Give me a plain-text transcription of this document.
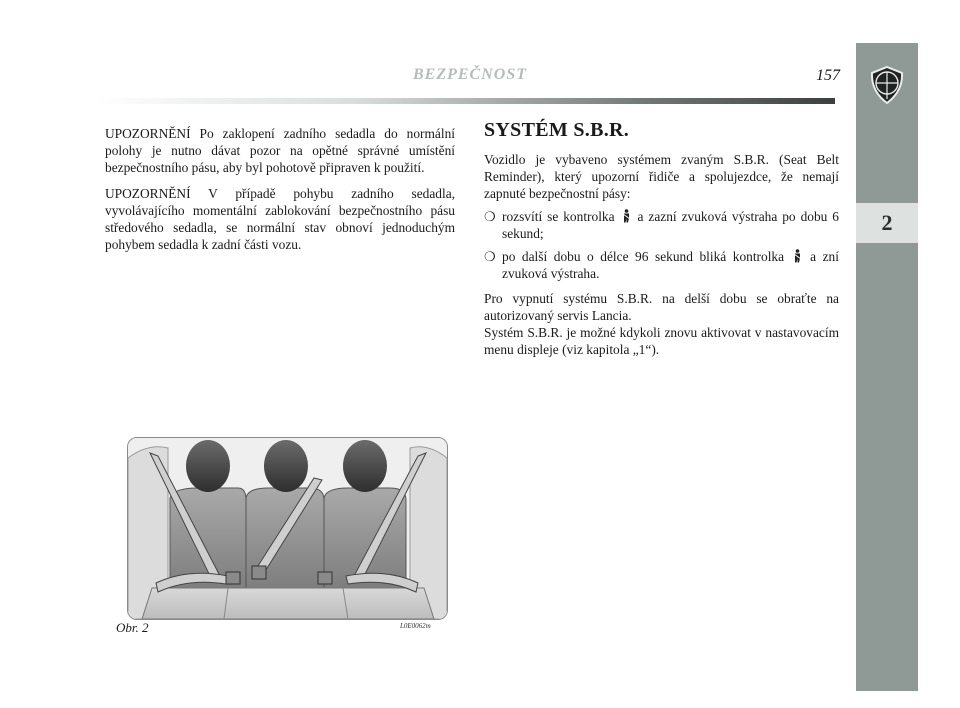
2
BEZPEČNOST	157

UPOZORNĚNÍ Po zaklopení zadního sedadla do normální polohy je nutno dávat pozor na opětné správné umístění bezpečnostního pásu, aby byl pohotově připraven k použití.

UPOZORNĚNÍ V případě pohybu zadního sedadla, vyvolávajícího momentální zablokování bezpečnostního pásu středového sedadla, se normální stav obnoví jednoduchým pohybem sedadla k zadní části vozu.

Obr. 2	L0E0062m
SYSTÉM S.B.R.

Vozidlo je vybaveno systémem zvaným S.B.R. (Seat Belt Reminder), který upozorní řidiče a spolujezdce, že nemají zapnuté bezpečnostní pásy:

❍ rozsvítí se kontrolka a zazní zvuková výstraha po dobu 6 sekund;
❍ po další dobu o délce 96 sekund bliká kontrolka a zní zvuková výstraha.

Pro vypnutí systému S.B.R. na delší dobu se obraťte na autorizovaný servis Lancia.

Systém S.B.R. je možné kdykoli znovu aktivovat v nastavovacím menu displeje (viz kapitola „1“).
